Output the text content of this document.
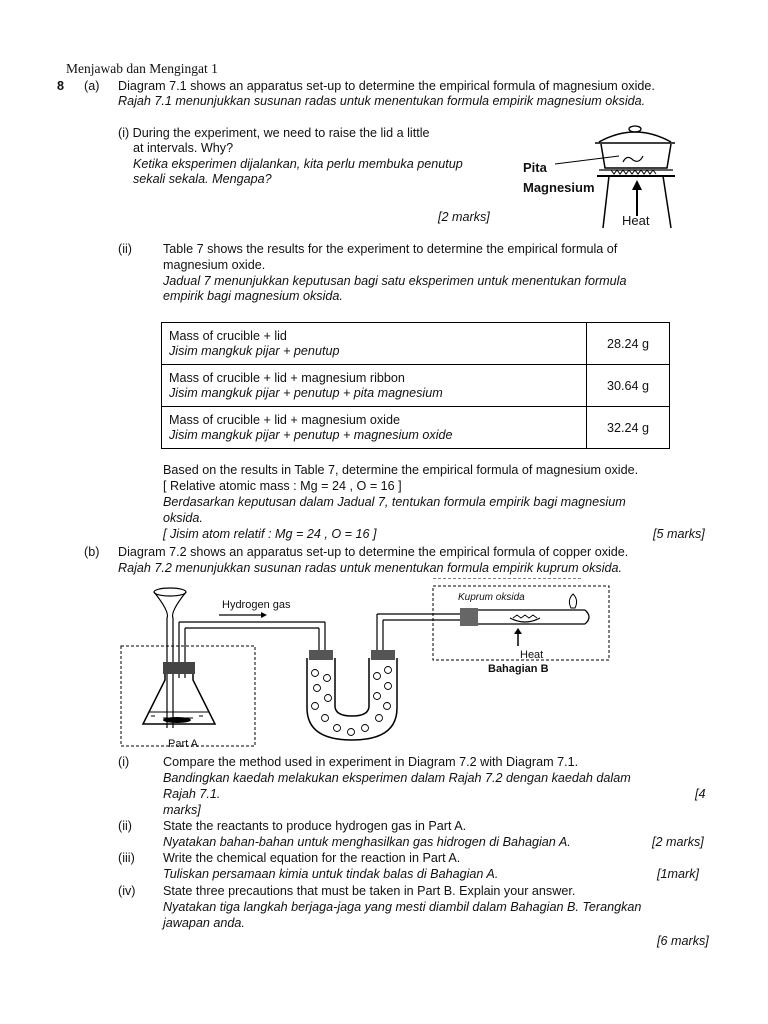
Menjawab dan Mengingat 1
8 (a) Diagram 7.1 shows an apparatus set-up to determine the empirical formula of magnesium oxide.
Rajah 7.1 menunjukkan susunan radas untuk menentukan formula empirik magnesium oksida.
(i) During the experiment, we need to raise the lid a little
at intervals. Why?
Ketika eksperimen dijalankan, kita perlu membuka penutup
sekali sekala. Mengapa?
[2 marks]
Pita
Magnesium
Heat
(ii) Table 7 shows the results for the experiment to determine the empirical formula of
magnesium oxide.
Jadual 7 menunjukkan keputusan bagi satu eksperimen untuk menentukan formula
empirik bagi magnesium oksida.
Mass of crucible + lid
Jisim mangkuk pijar + penutup	28.24 g

Mass of crucible + lid + magnesium ribbon
Jisim mangkuk pijar + penutup + pita magnesium	30.64 g

Mass of crucible + lid + magnesium oxide
Jisim mangkuk pijar + penutup + magnesium oxide	32.24 g
Based on the results in Table 7, determine the empirical formula of magnesium oxide.
[ Relative atomic mass : Mg = 24 , O = 16 ]
Berdasarkan keputusan dalam Jadual 7, tentukan formula empirik bagi magnesium
oksida.
[ Jisim atom relatif : Mg = 24 , O = 16 ]	[5 marks]
(b) Diagram 7.2 shows an apparatus set-up to determine the empirical formula of copper oxide.
Rajah 7.2 menunjukkan susunan radas untuk menentukan formula empirik kuprum oksida.
Hydrogen gas
Kuprum oksida
Heat
Bahagian B
Part A
(i)	Compare the method used in experiment in Diagram 7.2 with Diagram 7.1.
Bandingkan kaedah melakukan eksperimen dalam Rajah 7.2 dengan kaedah dalam
Rajah 7.1.	[4
marks]
(ii) State the reactants to produce hydrogen gas in Part A.
Nyatakan bahan-bahan untuk menghasilkan gas hidrogen di Bahagian A.	[2 marks]
(iii) Write the chemical equation for the reaction in Part A.
Tuliskan persamaan kimia untuk tindak balas di Bahagian A.	[1mark]
(iv) State three precautions that must be taken in Part B. Explain your answer.
Nyatakan tiga langkah berjaga-jaga yang mesti diambil dalam Bahagian B. Terangkan
jawapan anda.
[6 marks]
